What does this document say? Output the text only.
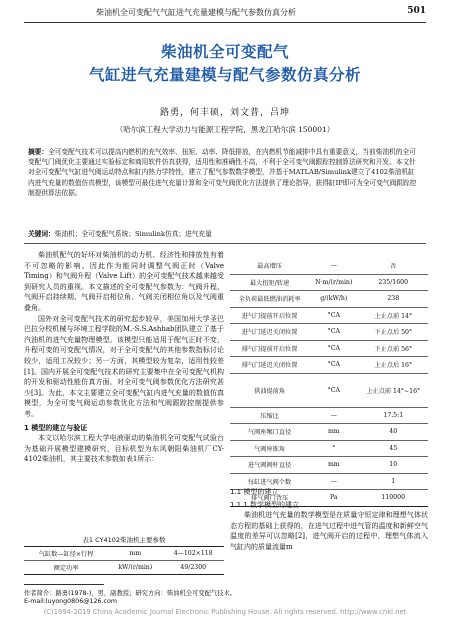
柴油机全可变配气气缸进气充量建模与配气参数仿真分析	501
柴油机全可变配气
气缸进气充量建模与配气参数仿真分析
路勇，何丰硕，刘文普，吕坤
（哈尔滨工程大学动力与能源工程学院，黑龙江哈尔滨 150001）
摘要：全可变配气技术可以提高内燃机的充气效率、扭矩、动率、降低排放，在内燃机节能减排中具有重要意义，当前柴油机的全可变配气门阀优化主要通过实验标定和商用软件仿真获得，适用性和准确性不高，不利于全可变气阀跟踪控制算法研究和开发。本文针对全可变配气气缸进气阀运动特点和缸内热力学特性，建立了配气参数数学模型，并基于MATLAB/Simulink建立了4102柴油机缸内进气充量的数值仿真模型，该模型可最佳进气充量计算和全可变气阀优化方法提供了理论指导，获得缸IP即可为全可变气阀跟踪控制提供算法依据。
关键词：柴油机；全可变配气系统；Simulink仿真；进气充量

柴油机配气的好坏对柴油机的动力机、经济性和排放性有着不可忽略的影响。因此作为能同时调整气阀正时（Valve Timing）和气阀升程（Valve Lift）的全可变配气技术越来越受到研究人员的重视。本文描述的全可变配气参数为：气阀升程、气阀开启持续期、气阀开启相位角、气阀关闭相位角以及气阀重叠角。

国外对全可变配气技术的研究起步较早，美国加州大学圣巴巴拉分校机械与环境工程学院的M.-S.S.Ashhab团队建立了基于汽油机的进气充量物理模型。该模型只能适用于配气正时不变，升程可变的可变配气情况，对于全可变配气的其他参数指标讨论较少，适用工况较少；另一方面，其模型较为复杂，适用性较差[1]。国内开展全可变配气技术的研究主要集中在全可变配气机构的开发和驱动性能仿真方面，对全可变气阀参数优化方法研究甚少[3]。为此，本文主要建立全可变配气缸内进气充量的数值仿真模型，为全可变气阀运动参数优化方法和气阀跟踪控制提供参考。

1 模型的建立与验证

本文以哈尔滨工程大学电液驱动的柴油机全可变配气试验台为基础开展模型建模研究，目标机型为东风朝阳柴油机厂CY-4102柴油机，其主要技术参数如表1所示：

表1 CY4102柴油机主要参数
气缸数—缸径×行程	mm	4—102×118
额定功率	kW/(r/min)	49/2300
最高增压	—	否
最大扭矩/转速	N·m/(r/min)	235/1600
全负荷最低燃油消耗率	g/(kW/h)	238
进气门提前开启位置	°CA	上止点前 14°
进气门延迟关闭位置	°CA	下止点后 50°
排气门提前开启位置	°CA	下止点前 56°
排气门延迟关闭位置	°CA	上止点后 16°
供油提前角	°CA	上止点前 14°~16°
压缩比	—	17.5:1
气阀座喉口直径	mm	40
气阀座锥角	°	45
进气阀阀杆直径	mm	10
每缸进气阀个数	—	1
排气阀门背压	Pa	110000

1.1 模型的建立

1.1.1 数学模型的建立

柴油机进气充量的数学模型是在质量守恒定律和理想气体状态方程的基础上获得的，在进气过程中进气管的温度和新鲜空气温度的差异可以忽略[2]，进气阀开启的过程中，理想气体流入气缸内的质量流量m

作者简介：路勇(1978-)，男，副教授；研究方向：柴油机全可变配气技术。
E-mail:luyong0806@126.com
(C)1994-2019 China Academic Journal Electronic Publishing House. All rights reserved. http://www.cnki.net
